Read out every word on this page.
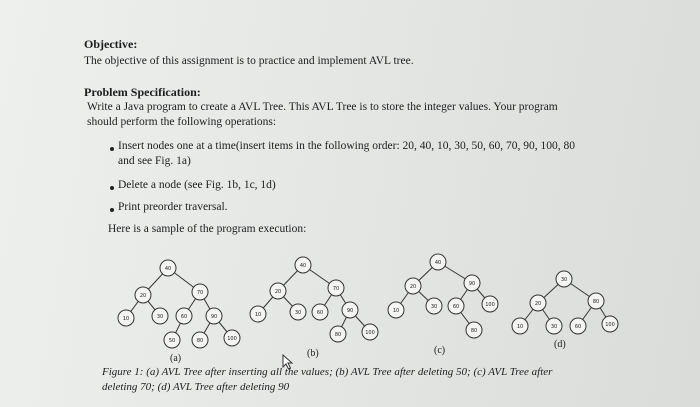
Objective:
The objective of this assignment is to practice and implement AVL tree.
Problem Specification:
Write a Java program to create a AVL Tree. This AVL Tree is to store the integer values. Your program
should perform the following operations:
Insert nodes one at a time(insert items in the following order: 20, 40, 10, 30, 50, 60, 70, 90, 100, 80
and see Fig. 1a)
Delete a node (see Fig. 1b, 1c, 1d)
Print preorder traversal.
Here is a sample of the program execution:
40
20	70
10	30	60	90
50	80	100
40
20	70
10	30	60	90
80	100
40
20	90
10
30	60	100
80
30
20	80
10	30	60	100
(a)	(b)	(c)
(d)
Figure 1: (a) AVL Tree after inserting all the values; (b) AVL Tree after deleting 50; (c) AVL Tree after
deleting 70; (d) AVL Tree after deleting 90
